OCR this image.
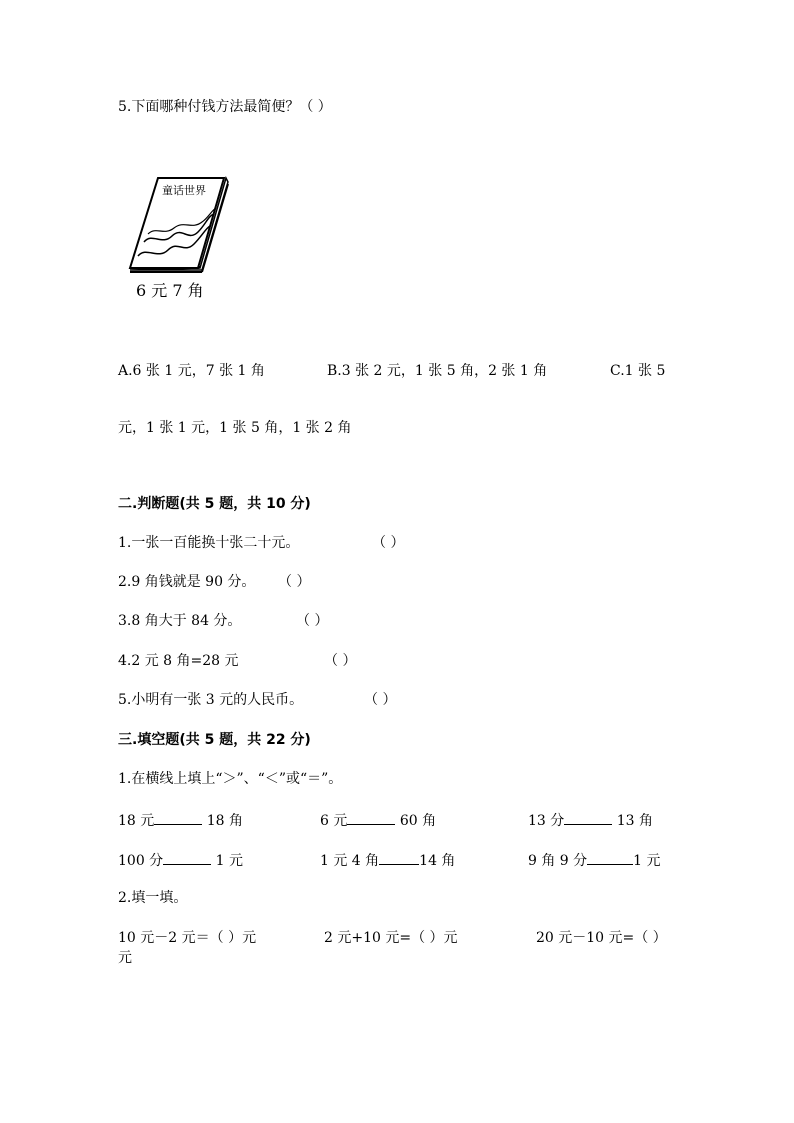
5.下面哪种付钱方法最简便？（ ）
童话世界
6 元 7 角
A.6 张 1 元，7 张 1 角	B.3 张 2 元，1 张 5 角，2 张 1 角	C.1 张 5
元，1 张 1 元，1 张 5 角，1 张 2 角
二.判断题(共 5 题，共 10 分)
1.一张一百能换十张二十元。	（ ）
2.9 角钱就是 90 分。 （ ）
3.8 角大于 84 分。	（ ）
4.2 元 8 角=28 元	（ ）
5.小明有一张 3 元的人民币。	（ ）
三.填空题(共 5 题，共 22 分)
1.在横线上填上“＞”、“＜”或“＝”。
18 元	18 角	6 元	60 角	13 分	13 角
100 分	1 元	1 元 4 角	14 角	9 角 9 分	1 元
2.填一填。
10 元－2 元＝（ ）元	2 元+10 元=（ ）元	20 元－10 元=（ ）
元
